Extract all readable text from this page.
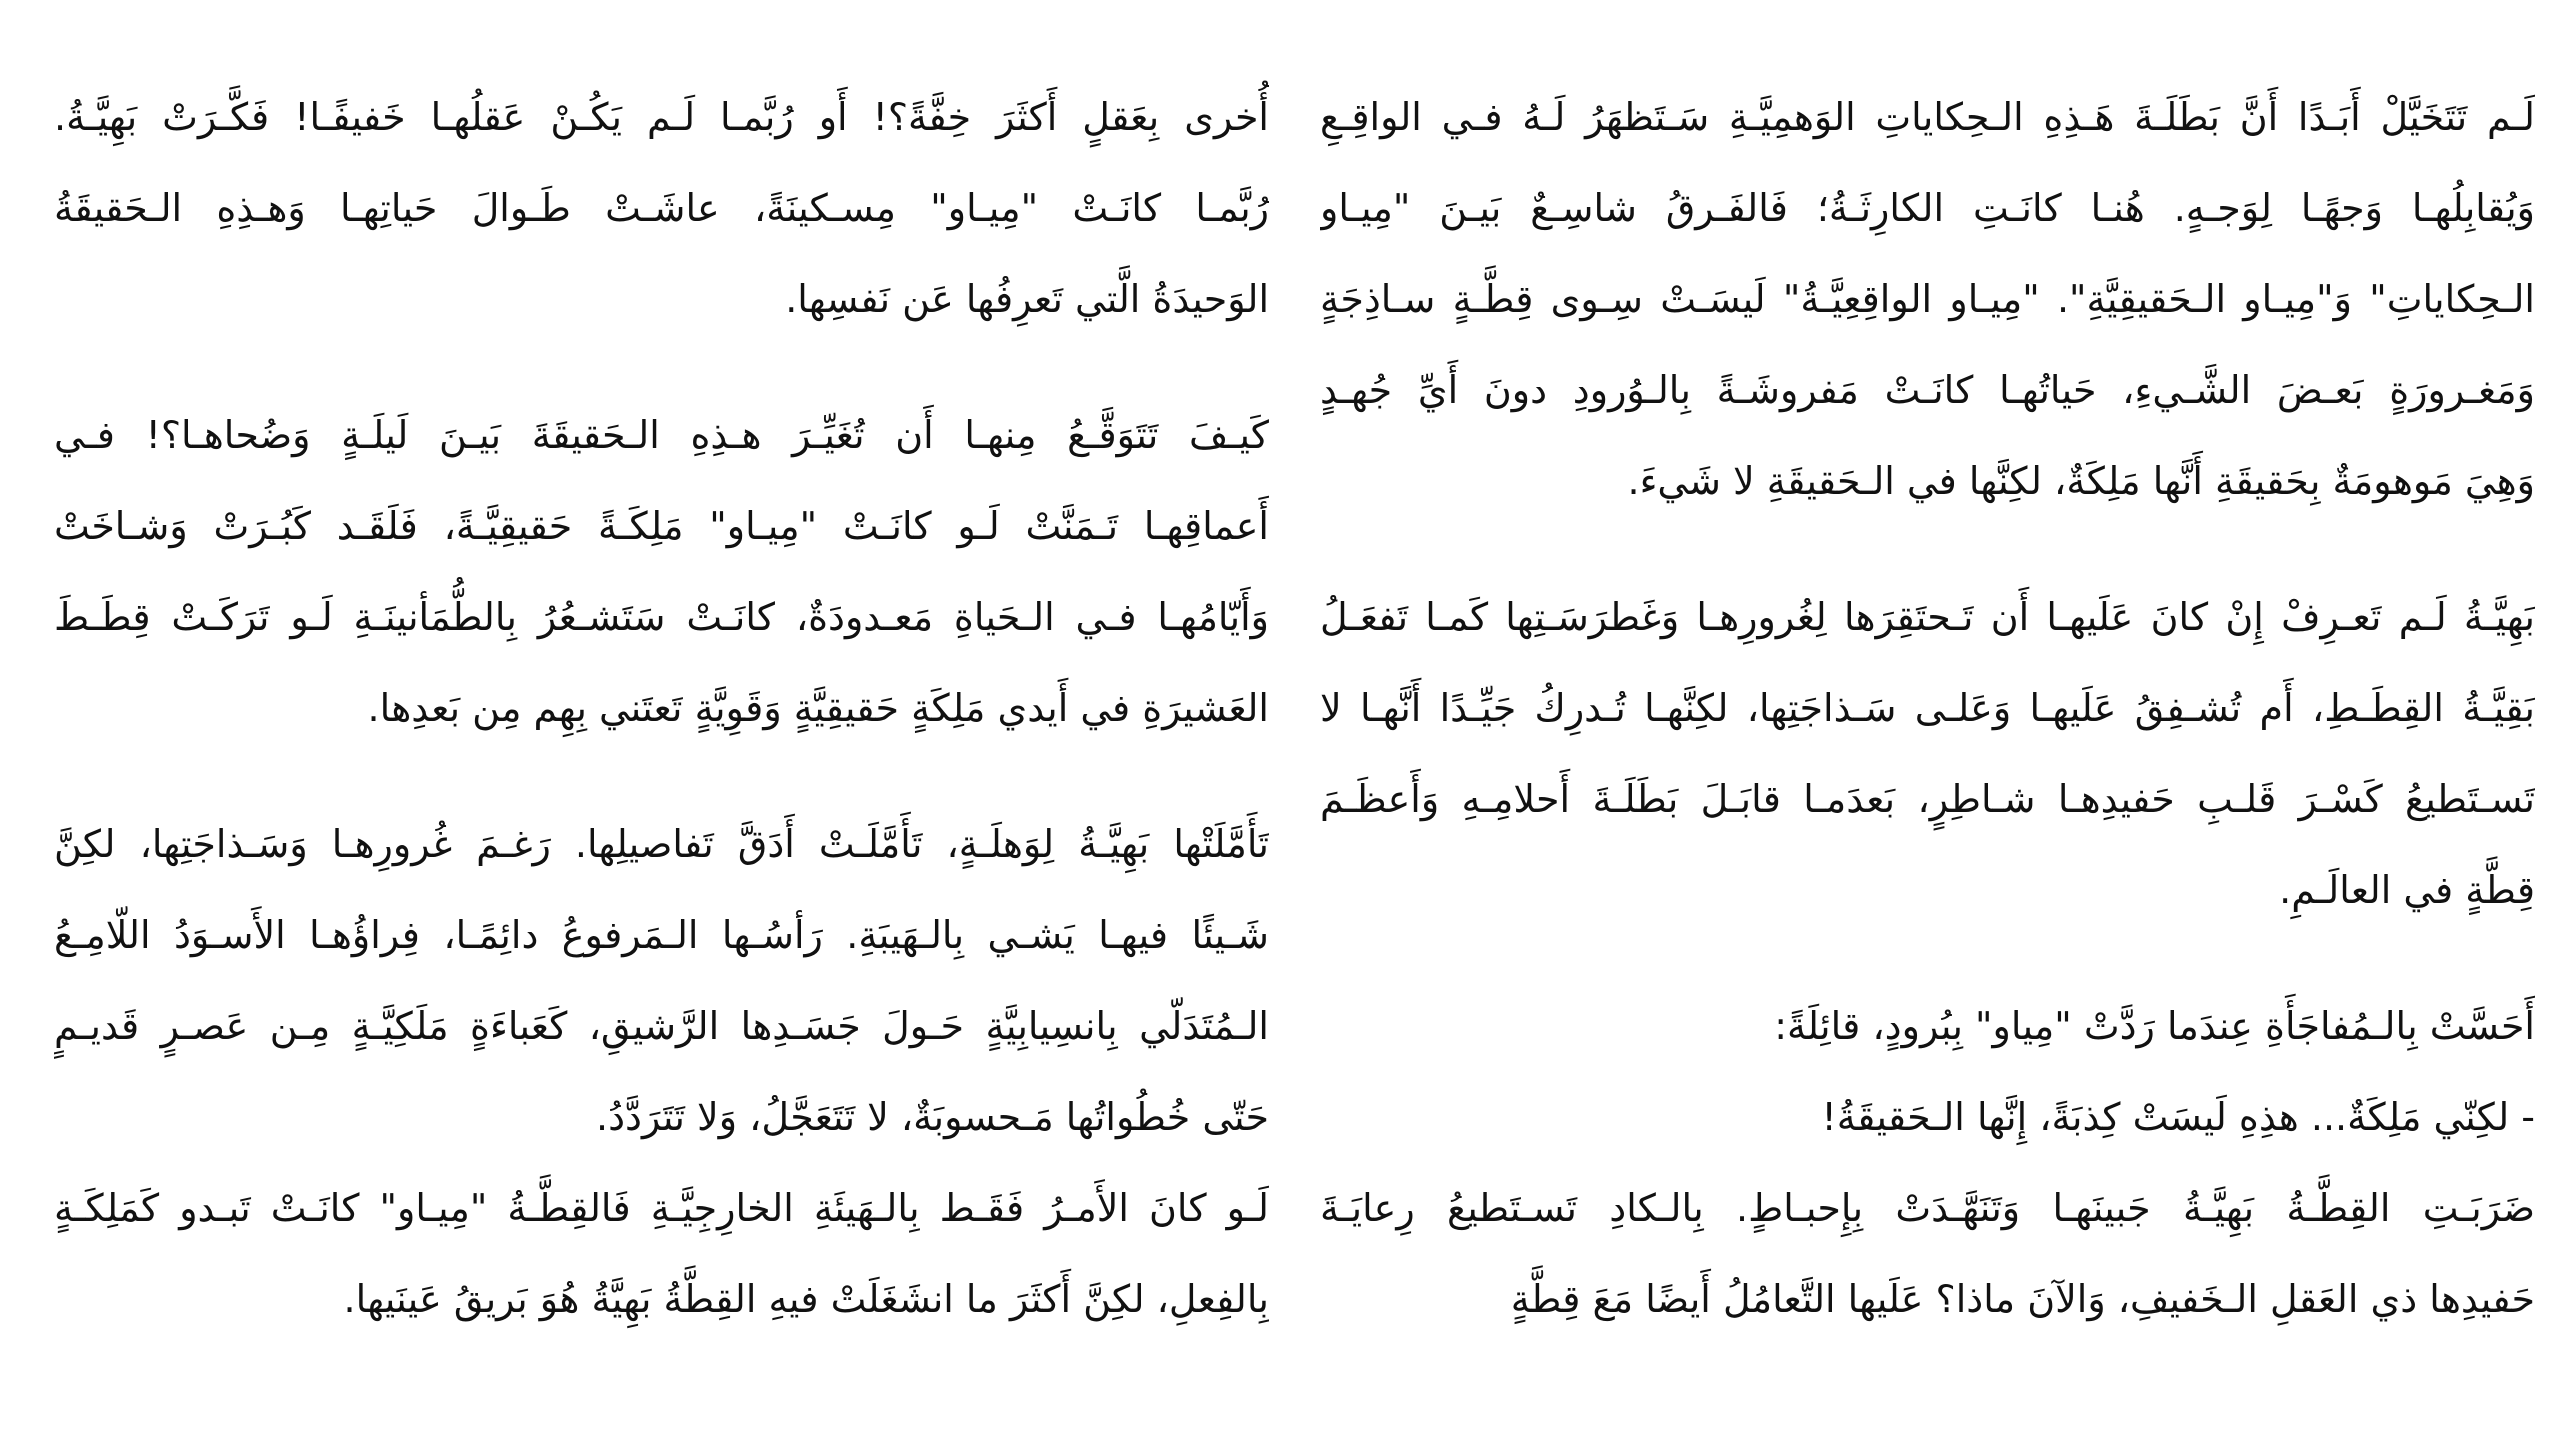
لَـم تَتَخَيَّلْ أَبَـدًا أَنَّ بَطَلَـةَ هَـذِهِ الـحِكاياتِ الوَهمِيَّـةِ سَـتَظهَرُ لَـهُ فـي الواقِـعِ
وَيُقابِلُهـا وَجهًـا لِوَجـهٍ. هُنـا كانَـتِ الكارِثَـةُ؛ فَالفَـرقُ شاسِـعٌ بَيـنَ "مِيـاو
الـحِكاياتِ" وَ"مِيـاو الـحَقيقِيَّةِ". "مِيـاو الواقِعِيَّـةُ" لَيسَـتْ سِـوى قِطَّـةٍ سـاذِجَةٍ
وَمَغـرورَةٍ بَعـضَ الشَّـيءِ، حَياتُهـا كانَـتْ مَفروشَـةً بِالـوُرودِ دونَ أَيِّ جُهـدٍ
وَهِيَ مَوهومَةٌ بِحَقيقَةِ أَنَّها مَلِكَةٌ، لكِنَّها في الـحَقيقَةِ لا شَيءَ.
بَهِيَّـةُ لَـم تَعـرِفْ إِنْ كانَ عَلَيهـا أَن تَـحتَقِرَها لِغُرورِهـا وَغَطرَسَـتِها كَمـا تَفعَـلُ
بَقِيَّـةُ القِطَـطِ، أَم تُشـفِقُ عَلَيهـا وَعَلـى سَـذاجَتِها، لكِنَّهـا تُـدرِكُ جَيِّـدًا أَنَّهـا لا
تَسـتَطيعُ كَسْـرَ قَلـبِ حَفيدِهـا شـاطِرٍ، بَعدَمـا قابَـلَ بَطَلَـةَ أَحلامِـهِ وَأَعظَـمَ
قِطَّةٍ في العالَـمِ.
أَحَسَّتْ بِالـمُفاجَأَةِ عِندَما رَدَّتْ "مِياو" بِبُرودٍ، قائِلَةً:
- لكِنّي مَلِكَةٌ... هذِهِ لَيسَتْ كِذبَةً، إِنَّها الـحَقيقَةُ!
ضَرَبَـتِ القِطَّـةُ بَهِيَّـةُ جَبينَهـا وَتَنَهَّـدَتْ بِإِحبـاطٍ. بِالـكادِ تَسـتَطيعُ رِعايَـةَ
حَفيدِها ذي العَقلِ الـخَفيفِ، وَالآنَ ماذا؟ عَلَيها التَّعامُلُ أَيضًا مَعَ قِطَّةٍ
أُخرى بِعَقلٍ أَكثَرَ خِفَّةً؟! أَو رُبَّمـا لَـم يَكُـنْ عَقلُهـا خَفيفًـا! فَكَّـرَتْ بَهِيَّـةُ.
رُبَّمـا كانَـتْ "مِيـاو" مِسـكينَةً، عاشَـتْ طَـوالَ حَياتِهـا وَهـذِهِ الـحَقيقَةُ
الوَحيدَةُ الَّتي تَعرِفُها عَن نَفسِها.
كَيـفَ تَتَوَقَّـعُ مِنهـا أَن تُغَيِّـرَ هـذِهِ الـحَقيقَةَ بَيـنَ لَيلَـةٍ وَضُحاهـا؟! فـي
أَعماقِهـا تَـمَنَّتْ لَـو كانَـتْ "مِيـاو" مَلِكَـةً حَقيقِيَّـةً، فَلَقَـد كَبُـرَتْ وَشـاخَتْ
وَأَيّامُهـا فـي الـحَياةِ مَعـدودَةٌ، كانَـتْ سَتَشـعُرُ بِالطُّمَأنينَـةِ لَـو تَرَكَـتْ قِطَـطَ
العَشيرَةِ في أَيدي مَلِكَةٍ حَقيقِيَّةٍ وَقَوِيَّةٍ تَعتَني بِهِم مِن بَعدِها.
تَأَمَّلَتْها بَهِيَّـةُ لِوَهلَـةٍ، تَأَمَّلَـتْ أَدَقَّ تَفاصيلِها. رَغـمَ غُرورِهـا وَسَـذاجَتِها، لكِنَّ
شَـيئًا فيهـا يَشـي بِالـهَيبَةِ. رَأسُـها الـمَرفوعُ دائِمًـا، فِراؤُهـا الأَسـوَدُ اللّامِـعُ
الـمُتَدَلّي بِانسِيابِيَّةٍ حَـولَ جَسَـدِها الرَّشيقِ، كَعَباءَةٍ مَلَكِيَّـةٍ مِـن عَصـرٍ قَديـمٍ
حَتّى خُطُواتُها مَـحسوبَةٌ، لا تَتَعَجَّلُ، وَلا تَتَرَدَّدُ.
لَـو كانَ الأَمـرُ فَقَـط بِالـهَيئَةِ الخارِجِيَّـةِ فَالقِطَّـةُ "مِيـاو" كانَـتْ تَبـدو كَمَلِكَـةٍ
بِالفِعلِ، لكِنَّ أَكثَرَ ما انشَغَلَتْ فيهِ القِطَّةُ بَهِيَّةُ هُوَ بَريقُ عَينَيها.
